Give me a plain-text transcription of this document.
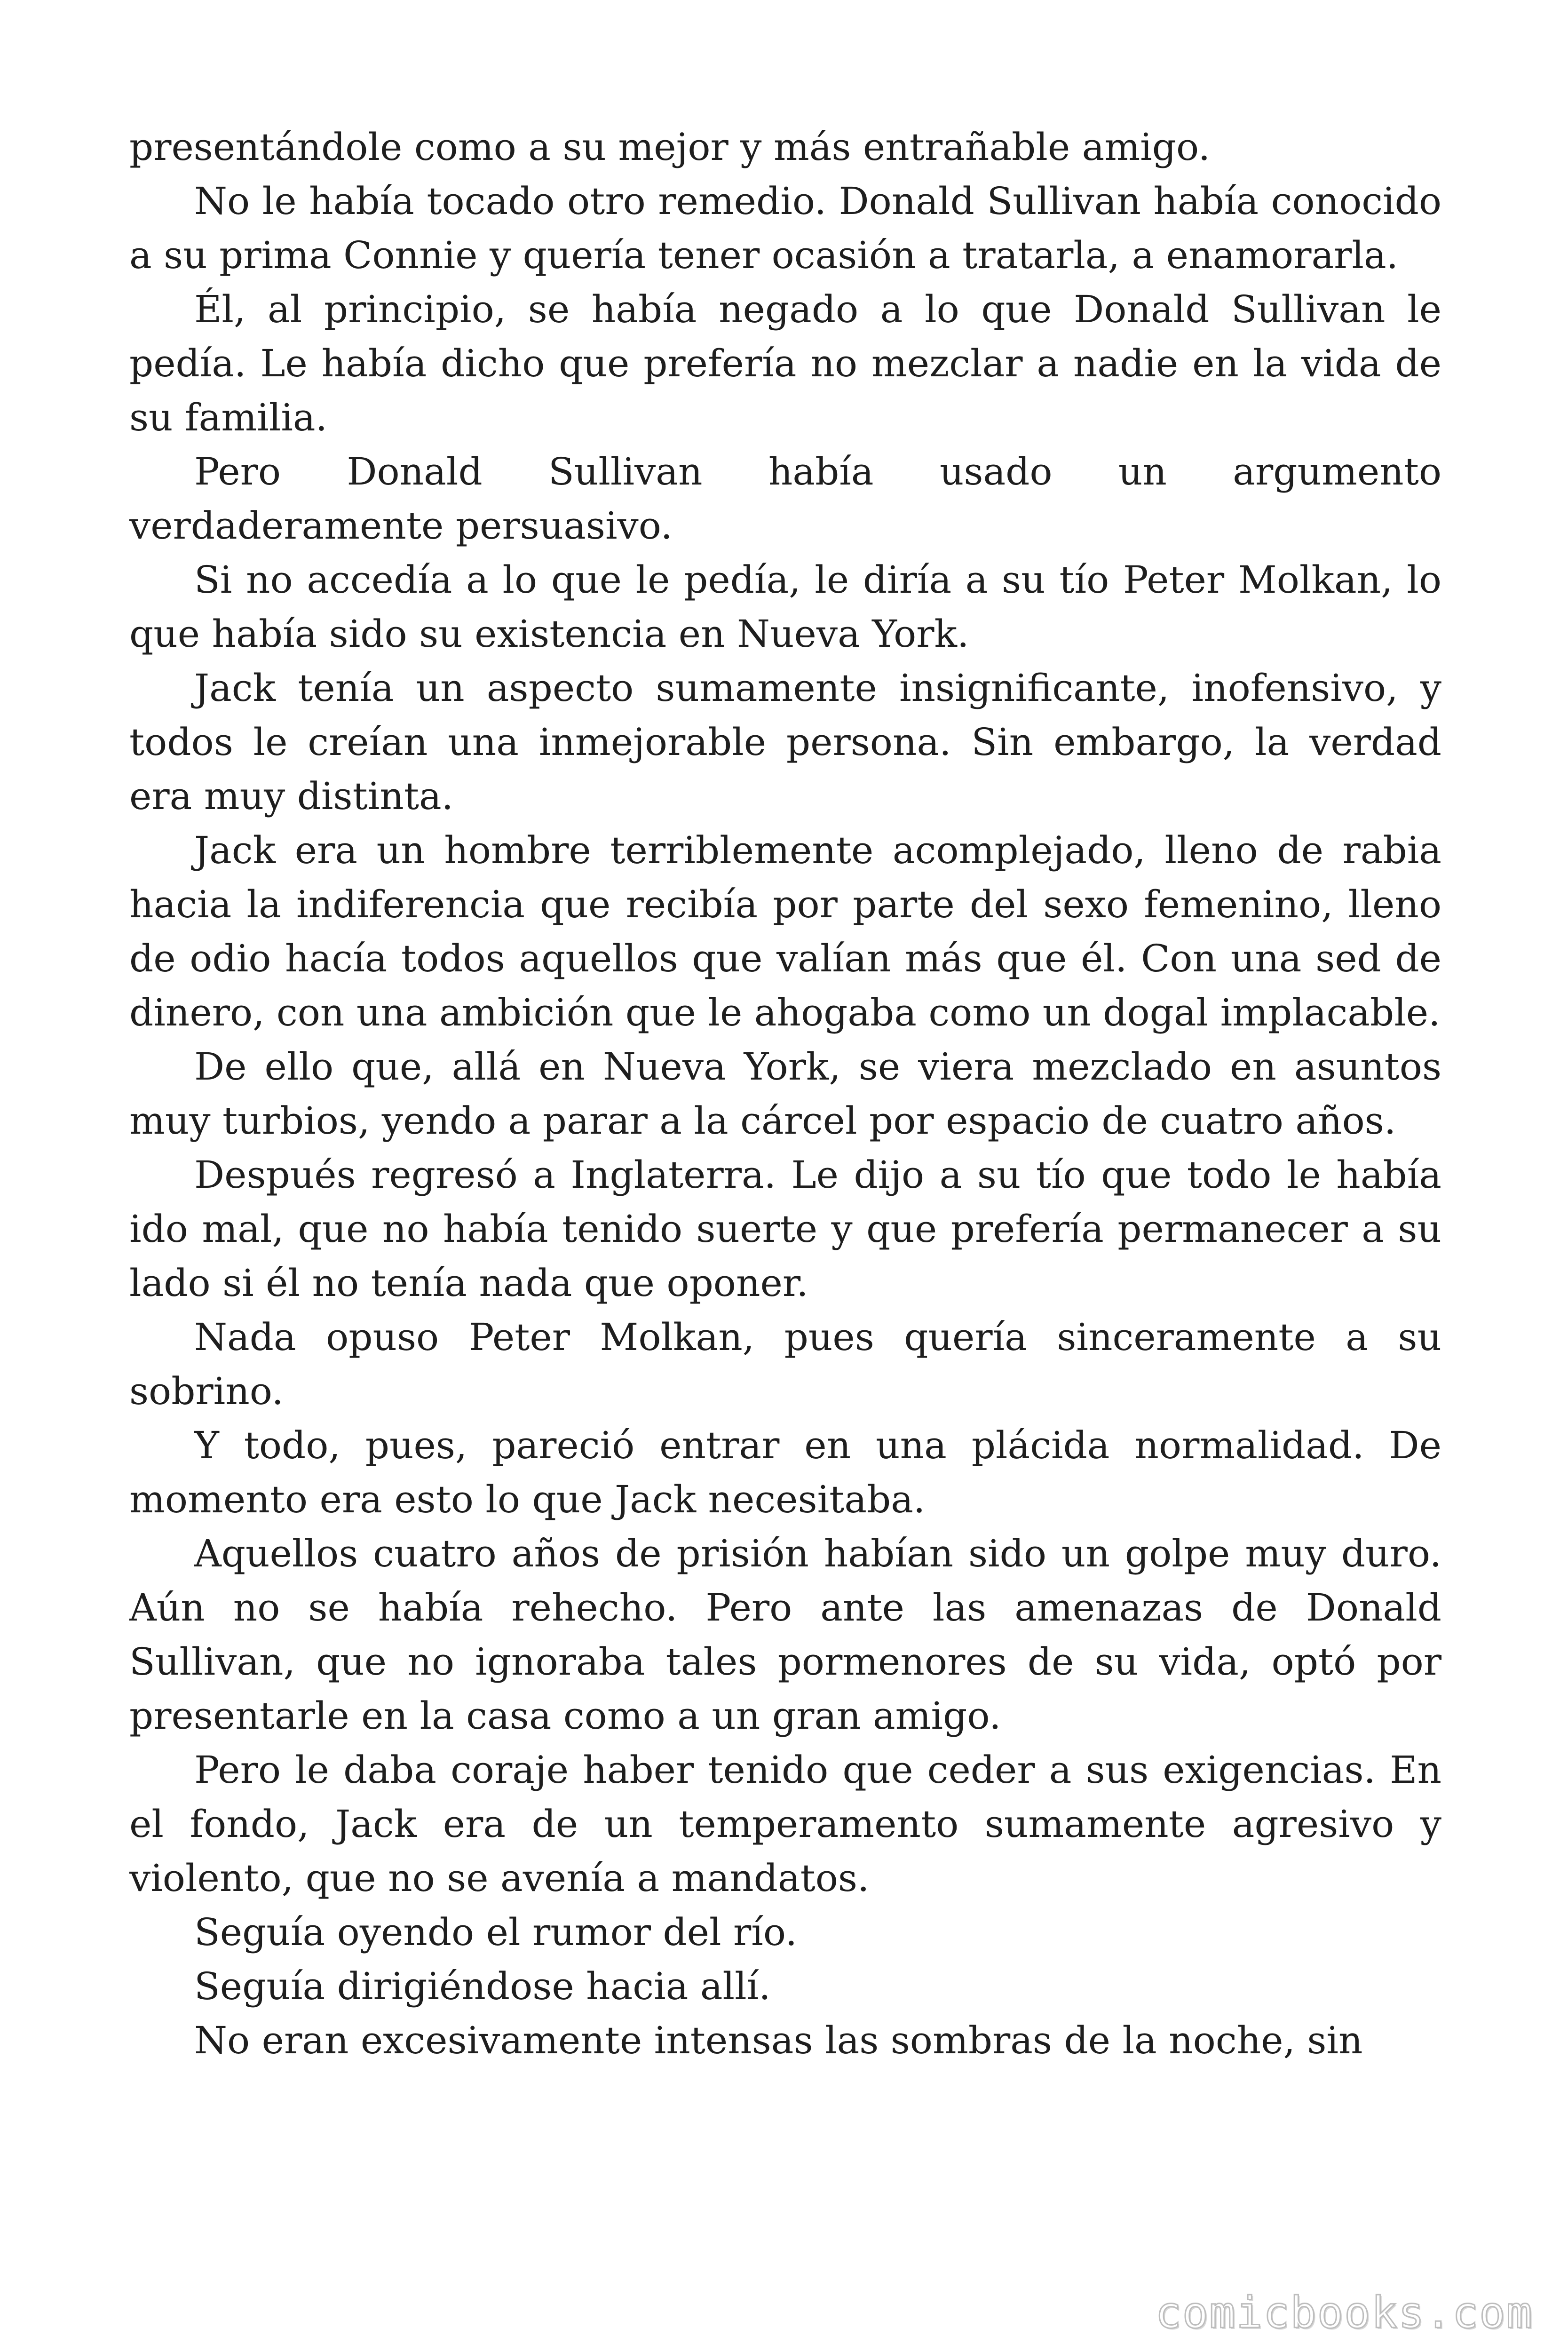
presentándole como a su mejor y más entrañable amigo.

No le había tocado otro remedio. Donald Sullivan había conocido a su prima Connie y quería tener ocasión a tratarla, a enamorarla.

Él, al principio, se había negado a lo que Donald Sullivan le pedía. Le había dicho que prefería no mezclar a nadie en la vida de su familia.

Pero Donald Sullivan había usado un argumento verdaderamente persuasivo.

Si no accedía a lo que le pedía, le diría a su tío Peter Molkan, lo que había sido su existencia en Nueva York.

Jack tenía un aspecto sumamente insignificante, inofensivo, y todos le creían una inmejorable persona. Sin embargo, la verdad era muy distinta.

Jack era un hombre terriblemente acomplejado, lleno de rabia hacia la indiferencia que recibía por parte del sexo femenino, lleno de odio hacía todos aquellos que valían más que él. Con una sed de dinero, con una ambición que le ahogaba como un dogal implacable.

De ello que, allá en Nueva York, se viera mezclado en asuntos muy turbios, yendo a parar a la cárcel por espacio de cuatro años.

Después regresó a Inglaterra. Le dijo a su tío que todo le había ido mal, que no había tenido suerte y que prefería permanecer a su lado si él no tenía nada que oponer.

Nada opuso Peter Molkan, pues quería sinceramente a su sobrino.

Y todo, pues, pareció entrar en una plácida normalidad. De momento era esto lo que Jack necesitaba.

Aquellos cuatro años de prisión habían sido un golpe muy duro. Aún no se había rehecho. Pero ante las amenazas de Donald Sullivan, que no ignoraba tales pormenores de su vida, optó por presentarle en la casa como a un gran amigo.

Pero le daba coraje haber tenido que ceder a sus exigencias. En el fondo, Jack era de un temperamento sumamente agresivo y violento, que no se avenía a mandatos.

Seguía oyendo el rumor del río.

Seguía dirigiéndose hacia allí.

No eran excesivamente intensas las sombras de la noche, sin

comicbooks.com
